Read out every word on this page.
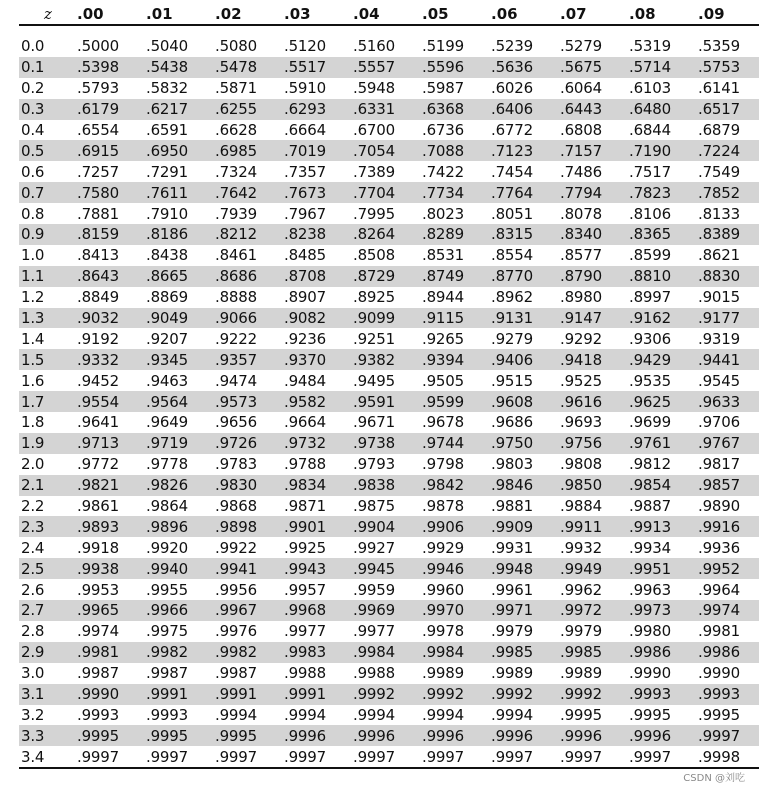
z	.00	.01	.02	.03	.04	.05	.06	.07	.08	.09

0.0	.5000	.5040	.5080	.5120	.5160	.5199	.5239	.5279	.5319	.5359
0.1	.5398	.5438	.5478	.5517	.5557	.5596	.5636	.5675	.5714	.5753
0.2	.5793	.5832	.5871	.5910	.5948	.5987	.6026	.6064	.6103	.6141
0.3	.6179	.6217	.6255	.6293	.6331	.6368	.6406	.6443	.6480	.6517
0.4	.6554	.6591	.6628	.6664	.6700	.6736	.6772	.6808	.6844	.6879
0.5	.6915	.6950	.6985	.7019	.7054	.7088	.7123	.7157	.7190	.7224
0.6	.7257	.7291	.7324	.7357	.7389	.7422	.7454	.7486	.7517	.7549
0.7	.7580	.7611	.7642	.7673	.7704	.7734	.7764	.7794	.7823	.7852
0.8	.7881	.7910	.7939	.7967	.7995	.8023	.8051	.8078	.8106	.8133
0.9	.8159	.8186	.8212	.8238	.8264	.8289	.8315	.8340	.8365	.8389
1.0	.8413	.8438	.8461	.8485	.8508	.8531	.8554	.8577	.8599	.8621
1.1	.8643	.8665	.8686	.8708	.8729	.8749	.8770	.8790	.8810	.8830
1.2	.8849	.8869	.8888	.8907	.8925	.8944	.8962	.8980	.8997	.9015
1.3	.9032	.9049	.9066	.9082	.9099	.9115	.9131	.9147	.9162	.9177
1.4	.9192	.9207	.9222	.9236	.9251	.9265	.9279	.9292	.9306	.9319
1.5	.9332	.9345	.9357	.9370	.9382	.9394	.9406	.9418	.9429	.9441
1.6	.9452	.9463	.9474	.9484	.9495	.9505	.9515	.9525	.9535	.9545
1.7	.9554	.9564	.9573	.9582	.9591	.9599	.9608	.9616	.9625	.9633
1.8	.9641	.9649	.9656	.9664	.9671	.9678	.9686	.9693	.9699	.9706
1.9	.9713	.9719	.9726	.9732	.9738	.9744	.9750	.9756	.9761	.9767
2.0	.9772	.9778	.9783	.9788	.9793	.9798	.9803	.9808	.9812	.9817
2.1	.9821	.9826	.9830	.9834	.9838	.9842	.9846	.9850	.9854	.9857
2.2	.9861	.9864	.9868	.9871	.9875	.9878	.9881	.9884	.9887	.9890
2.3	.9893	.9896	.9898	.9901	.9904	.9906	.9909	.9911	.9913	.9916
2.4	.9918	.9920	.9922	.9925	.9927	.9929	.9931	.9932	.9934	.9936
2.5	.9938	.9940	.9941	.9943	.9945	.9946	.9948	.9949	.9951	.9952
2.6	.9953	.9955	.9956	.9957	.9959	.9960	.9961	.9962	.9963	.9964
2.7	.9965	.9966	.9967	.9968	.9969	.9970	.9971	.9972	.9973	.9974
2.8	.9974	.9975	.9976	.9977	.9977	.9978	.9979	.9979	.9980	.9981
2.9	.9981	.9982	.9982	.9983	.9984	.9984	.9985	.9985	.9986	.9986
3.0	.9987	.9987	.9987	.9988	.9988	.9989	.9989	.9989	.9990	.9990
3.1	.9990	.9991	.9991	.9991	.9992	.9992	.9992	.9992	.9993	.9993
3.2	.9993	.9993	.9994	.9994	.9994	.9994	.9994	.9995	.9995	.9995
3.3	.9995	.9995	.9995	.9996	.9996	.9996	.9996	.9996	.9996	.9997
3.4	.9997	.9997	.9997	.9997	.9997	.9997	.9997	.9997	.9997	.9998
CSDN @刘吃
